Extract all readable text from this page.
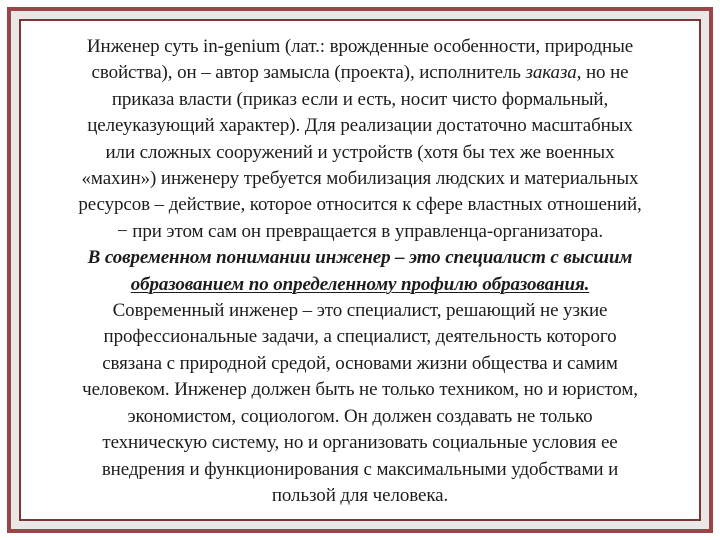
Инженер суть in-genium (лат.: врожденные особенности, природные
свойства), он – автор замысла (проекта), исполнитель заказа, но не
приказа власти (приказ если и есть, носит чисто формальный,
целеуказующий характер). Для реализации достаточно масштабных
или сложных сооружений и устройств (хотя бы тех же военных
«махин») инженеру требуется мобилизация людских и материальных
ресурсов – действие, которое относится к сфере властных отношений,
− при этом сам он превращается в управленца-организатора.
В современном понимании инженер – это специалист с высшим
образованием по определенному профилю образования.
Современный инженер – это специалист, решающий не узкие
профессиональные задачи, а специалист, деятельность которого
связана с природной средой, основами жизни общества и самим
человеком. Инженер должен быть не только техником, но и юристом,
экономистом, социологом. Он должен создавать не только
техническую систему, но и организовать социальные условия ее
внедрения и функционирования с максимальными удобствами и
пользой для человека.
